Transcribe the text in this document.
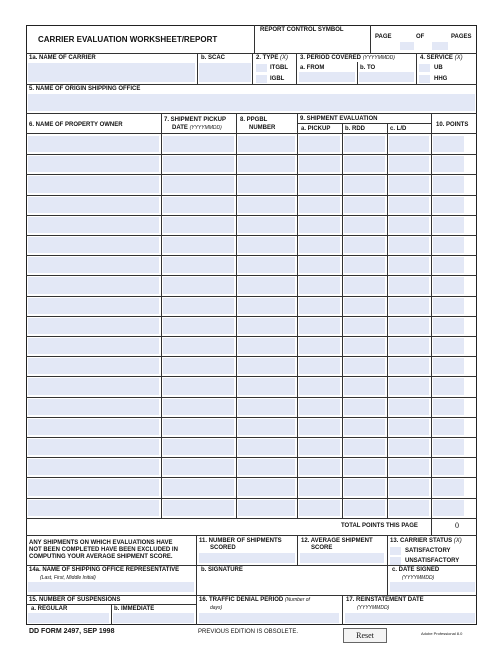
CARRIER EVALUATION WORKSHEET/REPORT
REPORT CONTROL SYMBOL
PAGE	OF	PAGES
1a. NAME OF CARRIER	b. SCAC	2. TYPE (X)
ITGBL
IGBL
3. PERIOD COVERED (YYYYMMDD)
a. FROM	b. TO
4. SERVICE (X)
UB
HHG
5. NAME OF ORIGIN SHIPPING OFFICE
6. NAME OF PROPERTY OWNER
7. SHIPMENT PICKUP
DATE (YYYYMMDD)
8. PPGBL
NUMBER
9. SHIPMENT EVALUATION
a. PICKUP b. RDD	c. L/D
10. POINTS
TOTAL POINTS THIS PAGE	0
ANY SHIPMENTS ON WHICH EVALUATIONS HAVE
NOT BEEN COMPLETED HAVE BEEN EXCLUDED IN
COMPUTING YOUR AVERAGE SHIPMENT SCORE.
11. NUMBER OF SHIPMENTS
SCORED
12. AVERAGE SHIPMENT
SCORE
13. CARRIER STATUS (X)
SATISFACTORY
UNSATISFACTORY
14a. NAME OF SHIPPING OFFICE REPRESENTATIVE
(Last, First, Middle Initial)
b. SIGNATURE	c. DATE SIGNED
(YYYYMMDD)
15. NUMBER OF SUSPENSIONS
a. REGULAR	b. IMMEDIATE
16. TRAFFIC DENIAL PERIOD (Number of
days)
17. REINSTATEMENT DATE
(YYYYMMDD)
DD FORM 2497, SEP 1998	PREVIOUS EDITION IS OBSOLETE.	Reset	Adobe Professional 8.0
